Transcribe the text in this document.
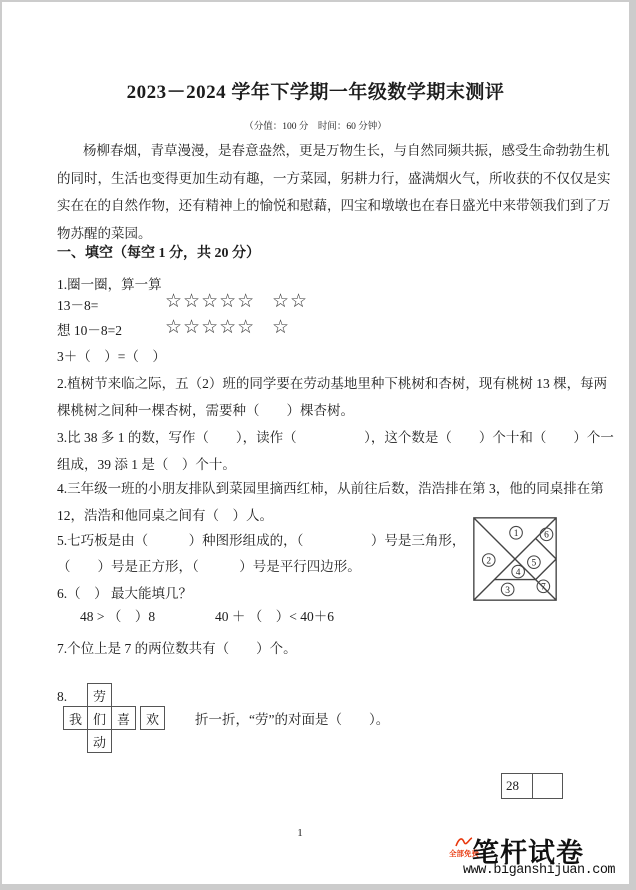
2023－2024 学年下学期一年级数学期末测评
（分值：100 分　时间：60 分钟）
杨柳春烟，青草漫漫，是春意盎然，更是万物生长，与自然同频共振，感受生命勃勃生机
的同时，生活也变得更加生动有趣，一方菜园，躬耕力行，盛满烟火气，所收获的不仅仅是实
实在在的自然作物，还有精神上的愉悦和慰藉，四宝和墩墩也在春日盛光中来带领我们到了万
物苏醒的菜园。
一、填空（每空 1 分，共 20 分）
1.圈一圈，算一算
13－8=	☆☆☆☆☆ ☆☆
想 10－8=2 ☆☆☆☆☆ ☆
3＋（　）=（　）
2.植树节来临之际，五（2）班的同学要在劳动基地里种下桃树和杏树，现有桃树 13 棵，每两
棵桃树之间种一棵杏树，需要种（　　）棵杏树。
3.比 38 多 1 的数，写作（　　），读作（　　　　　），这个数是（　　）个十和（　　）个一
组成，39 添 1 是（　）个十。
4.三年级一班的小朋友排队到菜园里摘西红柿，从前往后数，浩浩排在第 3，他的同桌排在第
12，浩浩和他同桌之间有（　）人。
5.七巧板是由（　　　）种图形组成的，（　　　　　）号是三角形，
（　　）号是正方形，（　　　）号是平行四边形。
1
2
3
4
5
6
7
6.（　） 最大能填几？
48 > （　）8	40 ＋ （　）< 40＋6
7.个位上是 7 的两位数共有（　　）个。
8. 劳
我 们 喜 欢
动
折一折，“劳”的对面是（　　）。
28
1
全部免费
笔杆试卷
www.biganshijuan.com
